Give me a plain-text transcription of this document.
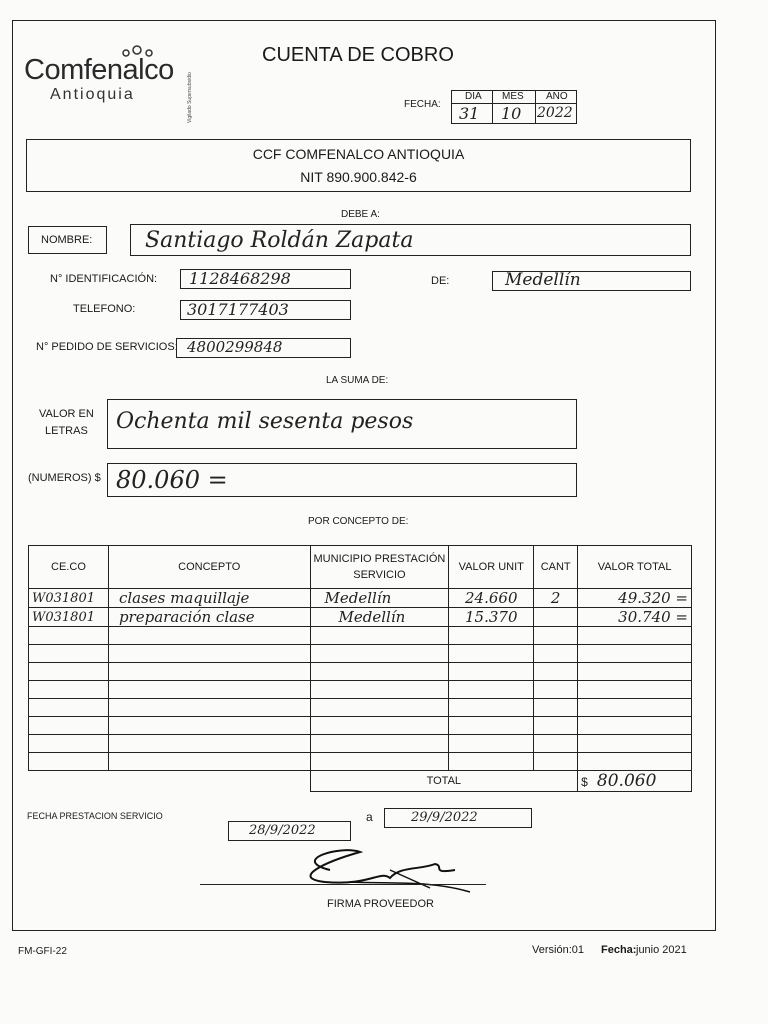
Comfenalco
Antioquia	Vigilado Supersubsidio
CUENTA DE COBRO
FECHA:
DIA MES AÑO
31 10 2022
CCF COMFENALCO ANTIOQUIA
NIT 890.900.842-6
DEBE A:
NOMBRE: Santiago Roldán Zapata
N° IDENTIFICACIÓN: 1128468298	DE:	Medellín
TELEFONO:	3017177403
N° PEDIDO DE SERVICIOS: 4800299848
LA SUMA DE:
VALOR EN
LETRAS Ochenta mil sesenta pesos
(NUMEROS) $ 80.060 =
POR CONCEPTO DE:
CE.CO	CONCEPTO	MUNICIPIO PRESTACIÓN SERVICIO	VALOR UNIT	CANT	VALOR TOTAL
W031801	clases maquillaje	Medellín	24.660	2	49.320 =
W031801	preparación clase	Medellín	15.370		30.740 =

		TOTAL			$ 80.060
FECHA PRESTACION SERVICIO
28/9/2022
a	29/9/2022
FIRMA PROVEEDOR
FM-GFI-22	Versión:01 Fecha: junio 2021
